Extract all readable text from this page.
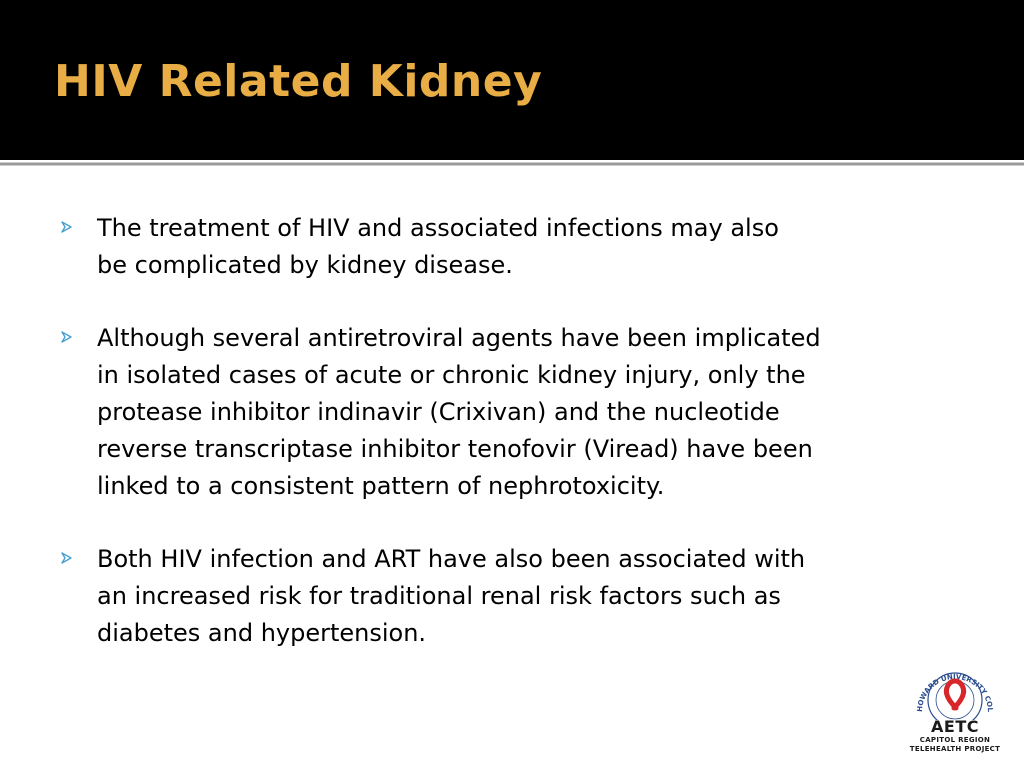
HIV Related Kidney
The treatment of HIV and associated infections may also
be complicated by kidney disease.
Although several antiretroviral agents have been implicated
in isolated cases of acute or chronic kidney injury, only the
protease inhibitor indinavir (Crixivan) and the nucleotide
reverse transcriptase inhibitor tenofovir (Viread) have been
linked to a consistent pattern of nephrotoxicity.
Both HIV infection and ART have also been associated with
an increased risk for traditional renal risk factors such as
diabetes and hypertension.
HOWARD UNIVERSITY COL
AETC
CAPITOL REGION
TELEHEALTH PROJECT
